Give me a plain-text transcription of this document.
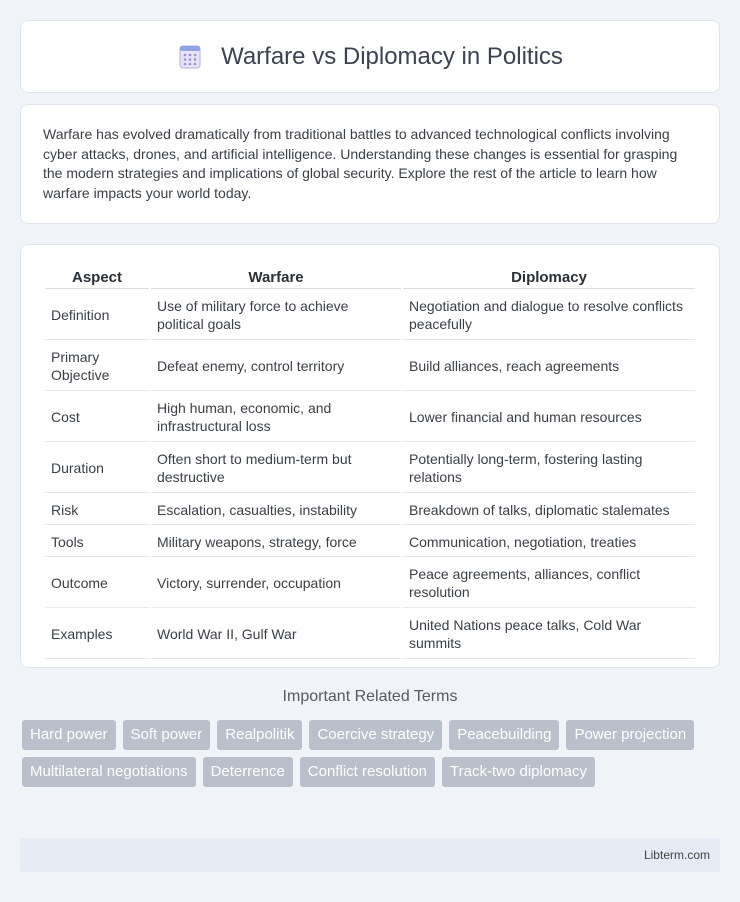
Warfare vs Diplomacy in Politics

Warfare has evolved dramatically from traditional battles to advanced technological conflicts involving cyber attacks, drones, and artificial intelligence. Understanding these changes is essential for grasping the modern strategies and implications of global security. Explore the rest of the article to learn how warfare impacts your world today.

Aspect	Warfare	Diplomacy
Definition	Use of military force to achieve political goals	Negotiation and dialogue to resolve conflicts peacefully
Primary Objective	Defeat enemy, control territory	Build alliances, reach agreements
Cost	High human, economic, and infrastructural loss	Lower financial and human resources
Duration	Often short to medium-term but destructive	Potentially long-term, fostering lasting relations
Risk	Escalation, casualties, instability	Breakdown of talks, diplomatic stalemates
Tools	Military weapons, strategy, force	Communication, negotiation, treaties
Outcome	Victory, surrender, occupation	Peace agreements, alliances, conflict resolution
Examples	World War II, Gulf War	United Nations peace talks, Cold War summits
Important Related Terms
Hard power	Soft power	Realpolitik	Coercive strategy	Peacebuilding	Power projection
Multilateral negotiations	Deterrence	Conflict resolution	Track-two diplomacy
Libterm.com
